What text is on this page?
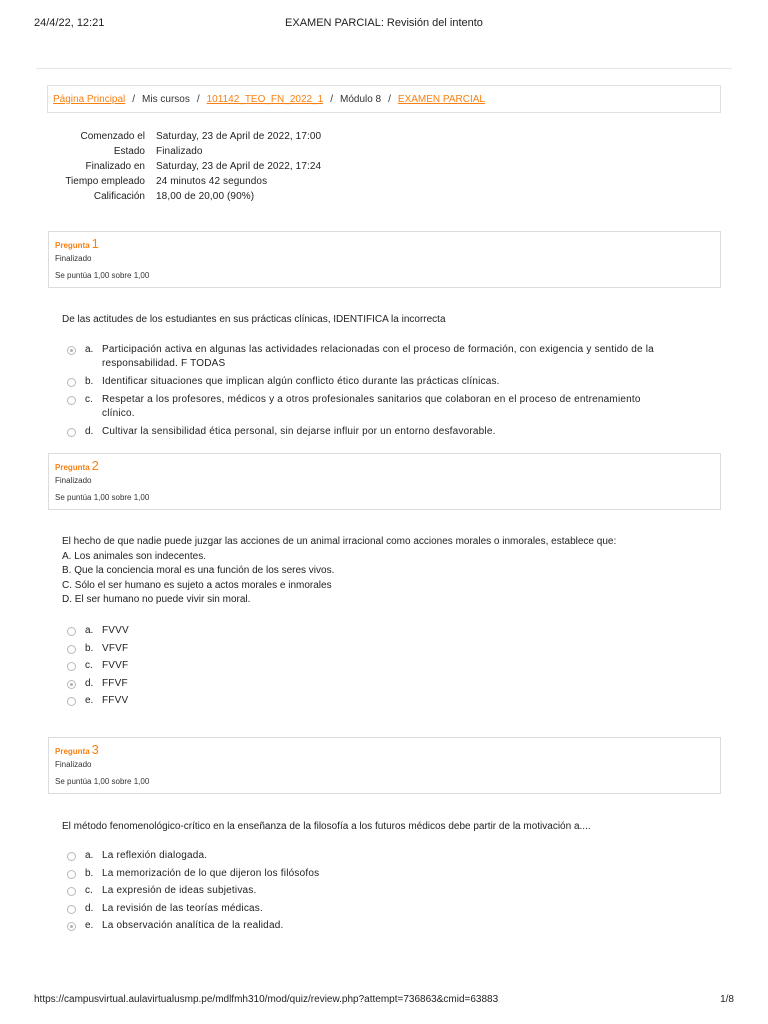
24/4/22, 12:21	EXAMEN PARCIAL: Revisión del intento
Página Principal / Mis cursos / 101142_TEO_FN_2022_1 / Módulo 8 / EXAMEN PARCIAL
Comenzado el	Saturday, 23 de April de 2022, 17:00
Estado	Finalizado
Finalizado en	Saturday, 23 de April de 2022, 17:24
Tiempo empleado	24 minutos 42 segundos
Calificación	18,00 de 20,00 (90%)
Pregunta 1
Finalizado
Se puntúa 1,00 sobre 1,00
De las actitudes de los estudiantes en sus prácticas clínicas, IDENTIFICA la incorrecta
a. Participación activa en algunas las actividades relacionadas con el proceso de formación, con exigencia y sentido de la responsabilidad. F TODAS
b. Identificar situaciones que implican algún conflicto ético durante las prácticas clínicas.
c. Respetar a los profesores, médicos y a otros profesionales sanitarios que colaboran en el proceso de entrenamiento clínico.
d. Cultivar la sensibilidad ética personal, sin dejarse influir por un entorno desfavorable.
Pregunta 2
Finalizado
Se puntúa 1,00 sobre 1,00
El hecho de que nadie puede juzgar las acciones de un animal irracional como acciones morales o inmorales, establece que:
A. Los animales son indecentes.
B. Que la conciencia moral es una función de los seres vivos.
C. Sólo el ser humano es sujeto a actos morales e inmorales
D. El ser humano no puede vivir sin moral.
a. FVVV
b. VFVF
c. FVVF
d. FFVF
e. FFVV
Pregunta 3
Finalizado
Se puntúa 1,00 sobre 1,00
El método fenomenológico-crítico en la enseñanza de la filosofía a los futuros médicos debe partir de la motivación a....
a. La reflexión dialogada.
b. La memorización de lo que dijeron los filósofos
c. La expresión de ideas subjetivas.
d. La revisión de las teorías médicas.
e. La observación analítica de la realidad.
https://campusvirtual.aulavirtualusmp.pe/mdlfmh310/mod/quiz/review.php?attempt=736863&cmid=63883	1/8
